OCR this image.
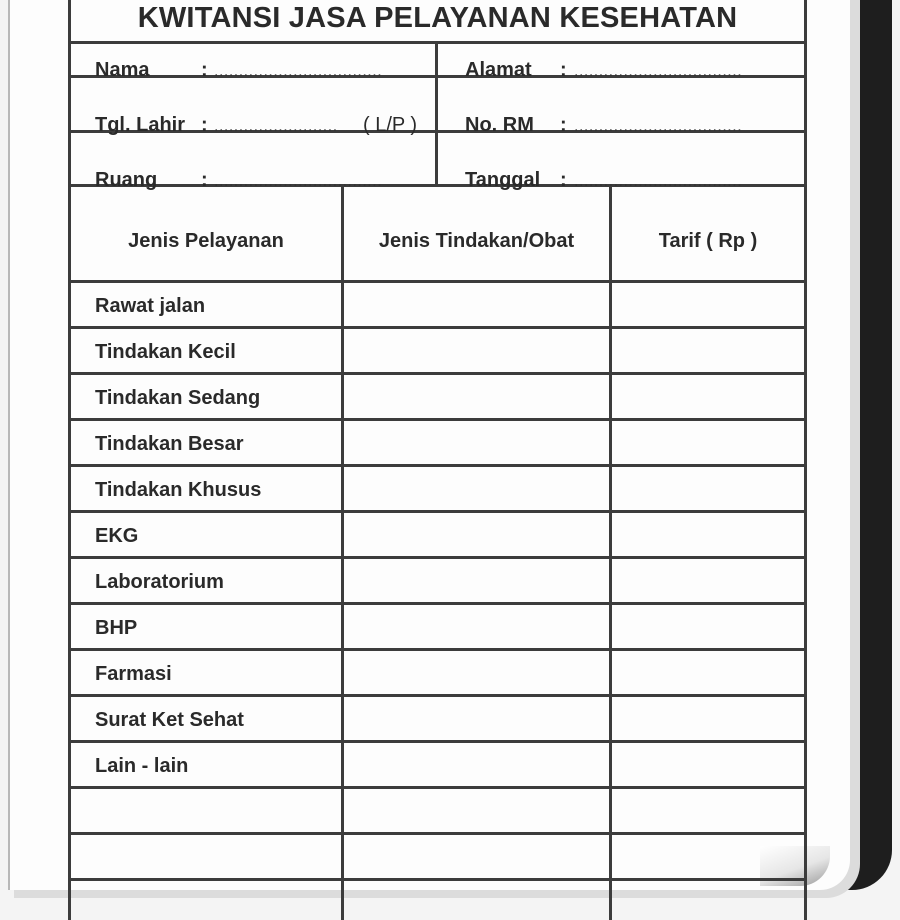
KWITANSI JASA PELAYANAN KESEHATAN
Nama	: ..................................	Alamat : ..................................
Tgl. Lahir : ......................... ( L/P ) No. RM : ..................................
Ruang : ..................................	Tanggal : ..................................
Jenis Pelayanan	Jenis Tindakan/Obat	Tarif ( Rp )
Rawat jalan
Tindakan Kecil
Tindakan Sedang
Tindakan Besar
Tindakan Khusus
EKG
Laboratorium
BHP
Farmasi
Surat Ket Sehat
Lain - lain
